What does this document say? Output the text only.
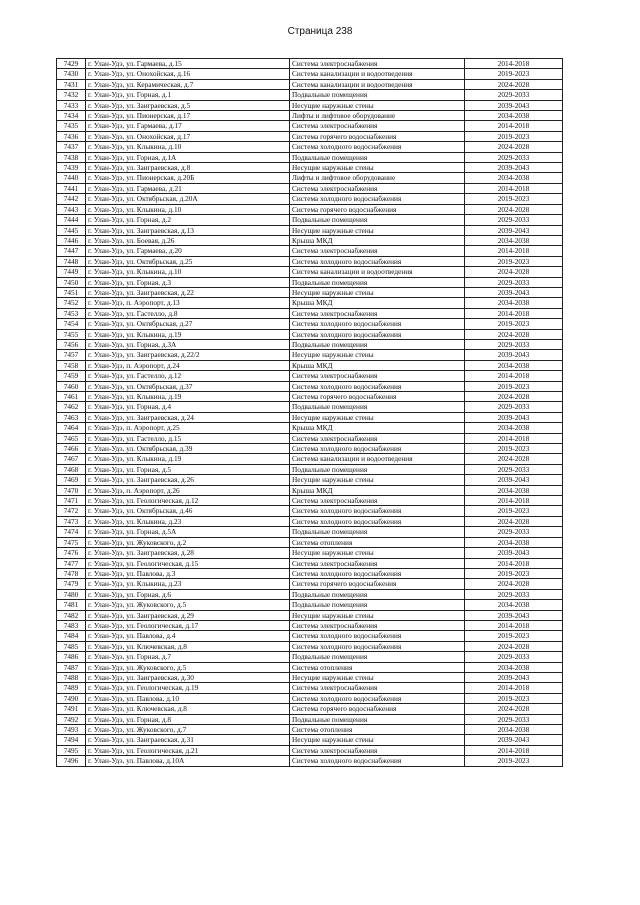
Страница 238
7429	г. Улан-Удэ, ул. Гармаева, д.15	Система электроснабжения	2014-2018
7430	г. Улан-Удэ, ул. Онохойская, д.16	Система канализации и водоотведения	2019-2023
7431	г. Улан-Удэ, ул. Керамическая, д.7	Система канализации и водоотведения	2024-2028
7432	г. Улан-Удэ, ул. Горная, д.1	Подвальные помещения	2029-2033
7433	г. Улан-Удэ, ул. Заиграевская, д.5	Несущие наружные стены	2039-2043
7434	г. Улан-Удэ, ул. Пионерская, д.17	Лифты и лифтовое оборудование	2034-2038
7435	г. Улан-Удэ, ул. Гармаева, д.17	Система электроснабжения	2014-2018
7436	г. Улан-Удэ, ул. Онохойская, д.17	Система горячего водоснабжения	2019-2023
7437	г. Улан-Удэ, ул. Клыкина, д.10	Система холодного водоснабжения	2024-2028
7438	г. Улан-Удэ, ул. Горная, д.1А	Подвальные помещения	2029-2033
7439	г. Улан-Удэ, ул. Заиграевская, д.8	Несущие наружные стены	2039-2043
7440	г. Улан-Удэ, ул. Пионерская, д.20Б	Лифты и лифтовое оборудование	2034-2038
7441	г. Улан-Удэ, ул. Гармаева, д.21	Система электроснабжения	2014-2018
7442	г. Улан-Удэ, ул. Октябрьская, д.20А	Система холодного водоснабжения	2019-2023
7443	г. Улан-Удэ, ул. Клыкина, д.10	Система горячего водоснабжения	2024-2028
7444	г. Улан-Удэ, ул. Горная, д.2	Подвальные помещения	2029-2033
7445	г. Улан-Удэ, ул. Заиграевская, д.13	Несущие наружные стены	2039-2043
7446	г. Улан-Удэ, ул. Боевая, д.26	Крыша МКД	2034-2038
7447	г. Улан-Удэ, ул. Гармаева, д.20	Система электроснабжения	2014-2018
7448	г. Улан-Удэ, ул. Октябрьская, д.25	Система холодного водоснабжения	2019-2023
7449	г. Улан-Удэ, ул. Клыкина, д.10	Система канализации и водоотведения	2024-2028
7450	г. Улан-Удэ, ул. Горная, д.3	Подвальные помещения	2029-2033
7451	г. Улан-Удэ, ул. Заиграевская, д.22	Несущие наружные стены	2039-2043
7452	г. Улан-Удэ, п. Аэропорт, д.13	Крыша МКД	2034-2038
7453	г. Улан-Удэ, ул. Гастелло, д.8	Система электроснабжения	2014-2018
7454	г. Улан-Удэ, ул. Октябрьская, д.27	Система холодного водоснабжения	2019-2023
7455	г. Улан-Удэ, ул. Клыкина, д.19	Система холодного водоснабжения	2024-2028
7456	г. Улан-Удэ, ул. Горная, д.3А	Подвальные помещения	2029-2033
7457	г. Улан-Удэ, ул. Заиграевская, д.22/2	Несущие наружные стены	2039-2043
7458	г. Улан-Удэ, п. Аэропорт, д.24	Крыша МКД	2034-2038
7459	г. Улан-Удэ, ул. Гастелло, д.12	Система электроснабжения	2014-2018
7460	г. Улан-Удэ, ул. Октябрьская, д.37	Система холодного водоснабжения	2019-2023
7461	г. Улан-Удэ, ул. Клыкина, д.19	Система горячего водоснабжения	2024-2028
7462	г. Улан-Удэ, ул. Горная, д.4	Подвальные помещения	2029-2033
7463	г. Улан-Удэ, ул. Заиграевская, д.24	Несущие наружные стены	2039-2043
7464	г. Улан-Удэ, п. Аэропорт, д.25	Крыша МКД	2034-2038
7465	г. Улан-Удэ, ул. Гастелло, д.15	Система электроснабжения	2014-2018
7466	г. Улан-Удэ, ул. Октябрьская, д.39	Система холодного водоснабжения	2019-2023
7467	г. Улан-Удэ, ул. Клыкина, д.19	Система канализации и водоотведения	2024-2028
7468	г. Улан-Удэ, ул. Горная, д.5	Подвальные помещения	2029-2033
7469	г. Улан-Удэ, ул. Заиграевская, д.26	Несущие наружные стены	2039-2043
7470	г. Улан-Удэ, п. Аэропорт, д.26	Крыша МКД	2034-2038
7471	г. Улан-Удэ, ул. Геологическая, д.12	Система электроснабжения	2014-2018
7472	г. Улан-Удэ, ул. Октябрьская, д.46	Система холодного водоснабжения	2019-2023
7473	г. Улан-Удэ, ул. Клыкина, д.23	Система холодного водоснабжения	2024-2028
7474	г. Улан-Удэ, ул. Горная, д.5А	Подвальные помещения	2029-2033
7475	г. Улан-Удэ, ул. Жуковского, д.2	Система отопления	2034-2038
7476	г. Улан-Удэ, ул. Заиграевская, д.28	Несущие наружные стены	2039-2043
7477	г. Улан-Удэ, ул. Геологическая, д.15	Система электроснабжения	2014-2018
7478	г. Улан-Удэ, ул. Павлова, д.3	Система холодного водоснабжения	2019-2023
7479	г. Улан-Удэ, ул. Клыкина, д.23	Система горячего водоснабжения	2024-2028
7480	г. Улан-Удэ, ул. Горная, д.6	Подвальные помещения	2029-2033
7481	г. Улан-Удэ, ул. Жуковского, д.5	Подвальные помещения	2034-2038
7482	г. Улан-Удэ, ул. Заиграевская, д.29	Несущие наружные стены	2039-2043
7483	г. Улан-Удэ, ул. Геологическая, д.17	Система электроснабжения	2014-2018
7484	г. Улан-Удэ, ул. Павлова, д.4	Система холодного водоснабжения	2019-2023
7485	г. Улан-Удэ, ул. Ключевская, д.8	Система холодного водоснабжения	2024-2028
7486	г. Улан-Удэ, ул. Горная, д.7	Подвальные помещения	2029-2033
7487	г. Улан-Удэ, ул. Жуковского, д.5	Система отопления	2034-2038
7488	г. Улан-Удэ, ул. Заиграевская, д.30	Несущие наружные стены	2039-2043
7489	г. Улан-Удэ, ул. Геологическая, д.19	Система электроснабжения	2014-2018
7490	г. Улан-Удэ, ул. Павлова, д.10	Система холодного водоснабжения	2019-2023
7491	г. Улан-Удэ, ул. Ключевская, д.8	Система горячего водоснабжения	2024-2028
7492	г. Улан-Удэ, ул. Горная, д.8	Подвальные помещения	2029-2033
7493	г. Улан-Удэ, ул. Жуковского, д.7	Система отопления	2034-2038
7494	г. Улан-Удэ, ул. Заиграевская, д.31	Несущие наружные стены	2039-2043
7495	г. Улан-Удэ, ул. Геологическая, д.21	Система электроснабжения	2014-2018
7496	г. Улан-Удэ, ул. Павлова, д.10А	Система холодного водоснабжения	2019-2023
